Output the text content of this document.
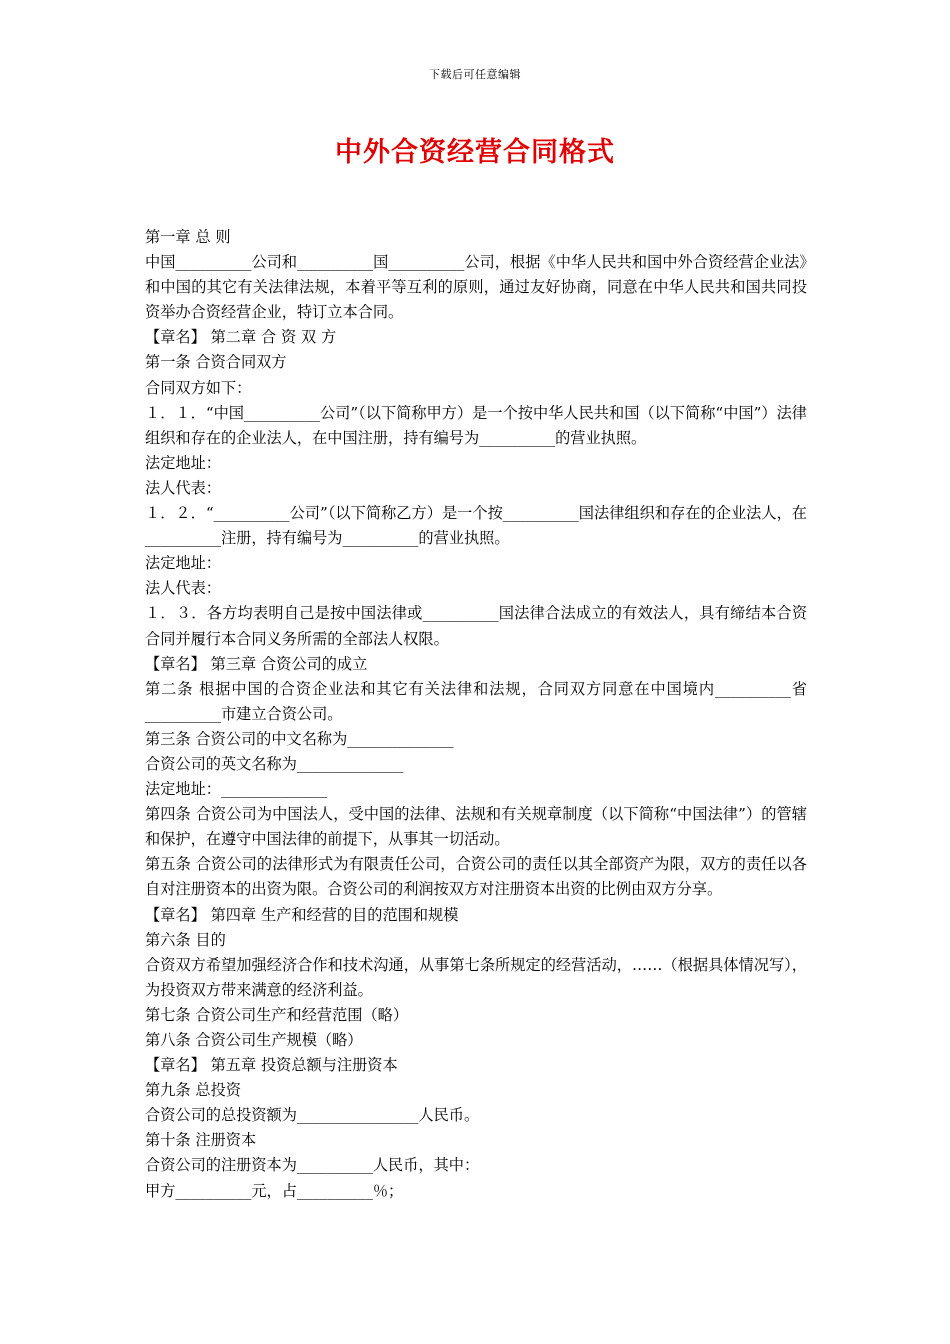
下载后可任意编辑
中外合资经营合同格式

第一章 总 则

中国__________公司和__________国__________公司，根据《中华人民共和国中外合资经营企业法》和中国的其它有关法律法规，本着平等互利的原则，通过友好协商，同意在中华人民共和国共同投资举办合资经营企业，特订立本合同。

【章名】 第二章 合 资 双 方

第一条 合资合同双方

合同双方如下：

１．１．“中国__________公司”（以下简称甲方）是一个按中华人民共和国（以下简称“中国”）法律组织和存在的企业法人，在中国注册，持有编号为__________的营业执照。

法定地址：

法人代表：

１．２．“__________公司”（以下简称乙方）是一个按__________国法律组织和存在的企业法人，在__________注册，持有编号为__________的营业执照。

法定地址：

法人代表：

１．３．各方均表明自己是按中国法律或__________国法律合法成立的有效法人，具有缔结本合资合同并履行本合同义务所需的全部法人权限。

【章名】 第三章 合资公司的成立

第二条 根据中国的合资企业法和其它有关法律和法规，合同双方同意在中国境内__________省__________市建立合资公司。

第三条 合资公司的中文名称为______________

合资公司的英文名称为______________

法定地址：______________

第四条 合资公司为中国法人，受中国的法律、法规和有关规章制度（以下简称“中国法律”）的管辖和保护，在遵守中国法律的前提下，从事其一切活动。

第五条 合资公司的法律形式为有限责任公司，合资公司的责任以其全部资产为限，双方的责任以各自对注册资本的出资为限。合资公司的利润按双方对注册资本出资的比例由双方分享。

【章名】 第四章 生产和经营的目的范围和规模

第六条 目的

合资双方希望加强经济合作和技术沟通，从事第七条所规定的经营活动，……（根据具体情况写），为投资双方带来满意的经济利益。

第七条 合资公司生产和经营范围（略）

第八条 合资公司生产规模（略）

【章名】 第五章 投资总额与注册资本

第九条 总投资

合资公司的总投资额为________________人民币。

第十条 注册资本

合资公司的注册资本为__________人民币，其中：

甲方__________元，占__________％；
